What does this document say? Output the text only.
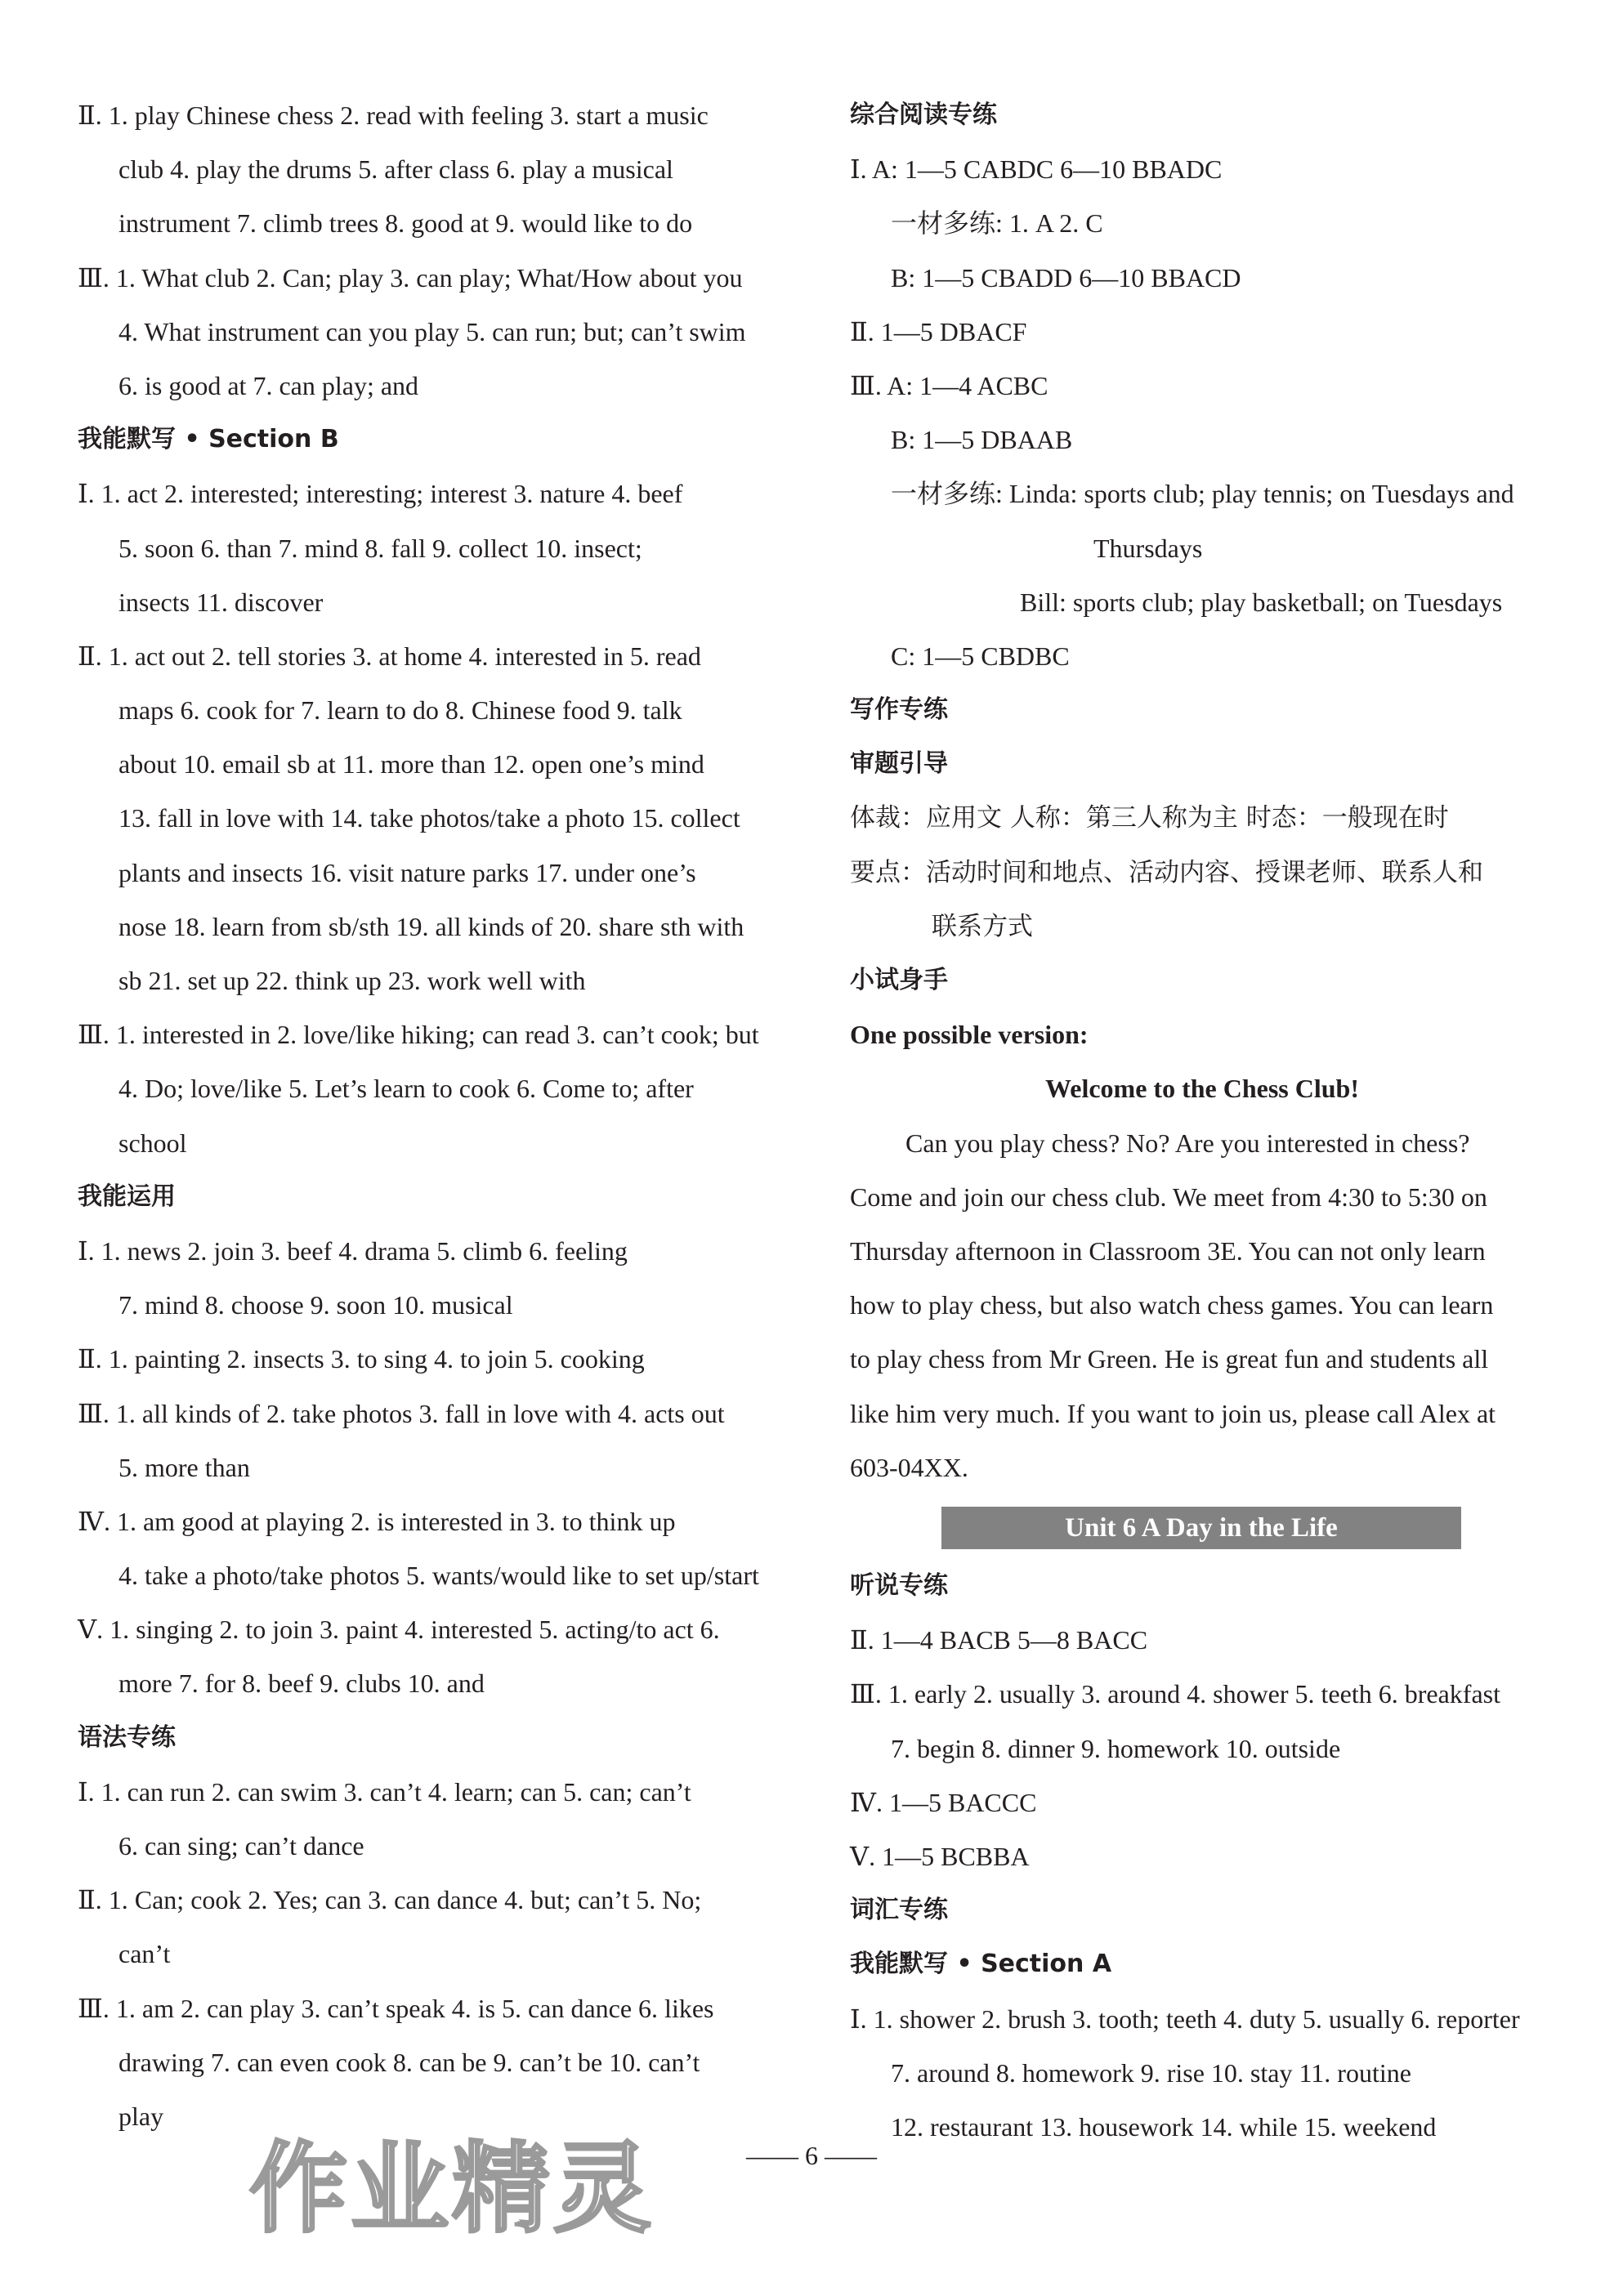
Ⅱ. 1. play Chinese chess 2. read with feeling 3. start a music
club 4. play the drums 5. after class 6. play a musical
instrument 7. climb trees 8. good at 9. would like to do
Ⅲ. 1. What club 2. Can; play 3. can play; What/How about you
4. What instrument can you play 5. can run; but; can’t swim
6. is good at 7. can play; and
我能默写 • Section B
Ⅰ. 1. act 2. interested; interesting; interest 3. nature 4. beef
5. soon 6. than 7. mind 8. fall 9. collect 10. insect;
insects 11. discover
Ⅱ. 1. act out 2. tell stories 3. at home 4. interested in 5. read
maps 6. cook for 7. learn to do 8. Chinese food 9. talk
about 10. email sb at 11. more than 12. open one’s mind
13. fall in love with 14. take photos/take a photo 15. collect
plants and insects 16. visit nature parks 17. under one’s
nose 18. learn from sb/sth 19. all kinds of 20. share sth with
sb 21. set up 22. think up 23. work well with
Ⅲ. 1. interested in 2. love/like hiking; can read 3. can’t cook; but
4. Do; love/like 5. Let’s learn to cook 6. Come to; after
school
我能运用
Ⅰ. 1. news 2. join 3. beef 4. drama 5. climb 6. feeling
7. mind 8. choose 9. soon 10. musical
Ⅱ. 1. painting 2. insects 3. to sing 4. to join 5. cooking
Ⅲ. 1. all kinds of 2. take photos 3. fall in love with 4. acts out
5. more than
Ⅳ. 1. am good at playing 2. is interested in 3. to think up
4. take a photo/take photos 5. wants/would like to set up/start
Ⅴ. 1. singing 2. to join 3. paint 4. interested 5. acting/to act 6.
more 7. for 8. beef 9. clubs 10. and
语法专练
Ⅰ. 1. can run 2. can swim 3. can’t 4. learn; can 5. can; can’t
6. can sing; can’t dance
Ⅱ. 1. Can; cook 2. Yes; can 3. can dance 4. but; can’t 5. No;
can’t
Ⅲ. 1. am 2. can play 3. can’t speak 4. is 5. can dance 6. likes
drawing 7. can even cook 8. can be 9. can’t be 10. can’t
play
综合阅读专练
Ⅰ. A: 1—5 CABDC 6—10 BBADC
一材多练: 1. A 2. C
B: 1—5 CBADD 6—10 BBACD
Ⅱ. 1—5 DBACF
Ⅲ. A: 1—4 ACBC
B: 1—5 DBAAB
一材多练: Linda: sports club; play tennis; on Tuesdays and
Thursdays
Bill: sports club; play basketball; on Tuesdays
C: 1—5 CBDBC
写作专练
审题引导
体裁：应用文 人称：第三人称为主 时态：一般现在时
要点：活动时间和地点、活动内容、授课老师、联系人和
联系方式
小试身手
One possible version:
Welcome to the Chess Club!
Can you play chess? No? Are you interested in chess?
Come and join our chess club. We meet from 4:30 to 5:30 on
Thursday afternoon in Classroom 3E. You can not only learn
how to play chess, but also watch chess games. You can learn
to play chess from Mr Green. He is great fun and students all
like him very much. If you want to join us, please call Alex at
603-04XX.
听说专练
Ⅱ. 1—4 BACB 5—8 BACC
Ⅲ. 1. early 2. usually 3. around 4. shower 5. teeth 6. breakfast
7. begin 8. dinner 9. homework 10. outside
Ⅳ. 1—5 BACCC
Ⅴ. 1—5 BCBBA
词汇专练
我能默写 • Section A
Ⅰ. 1. shower 2. brush 3. tooth; teeth 4. duty 5. usually 6. reporter
7. around 8. homework 9. rise 10. stay 11. routine
12. restaurant 13. housework 14. while 15. weekend
Unit 6 A Day in the Life
—— 6 ——
作业精灵
